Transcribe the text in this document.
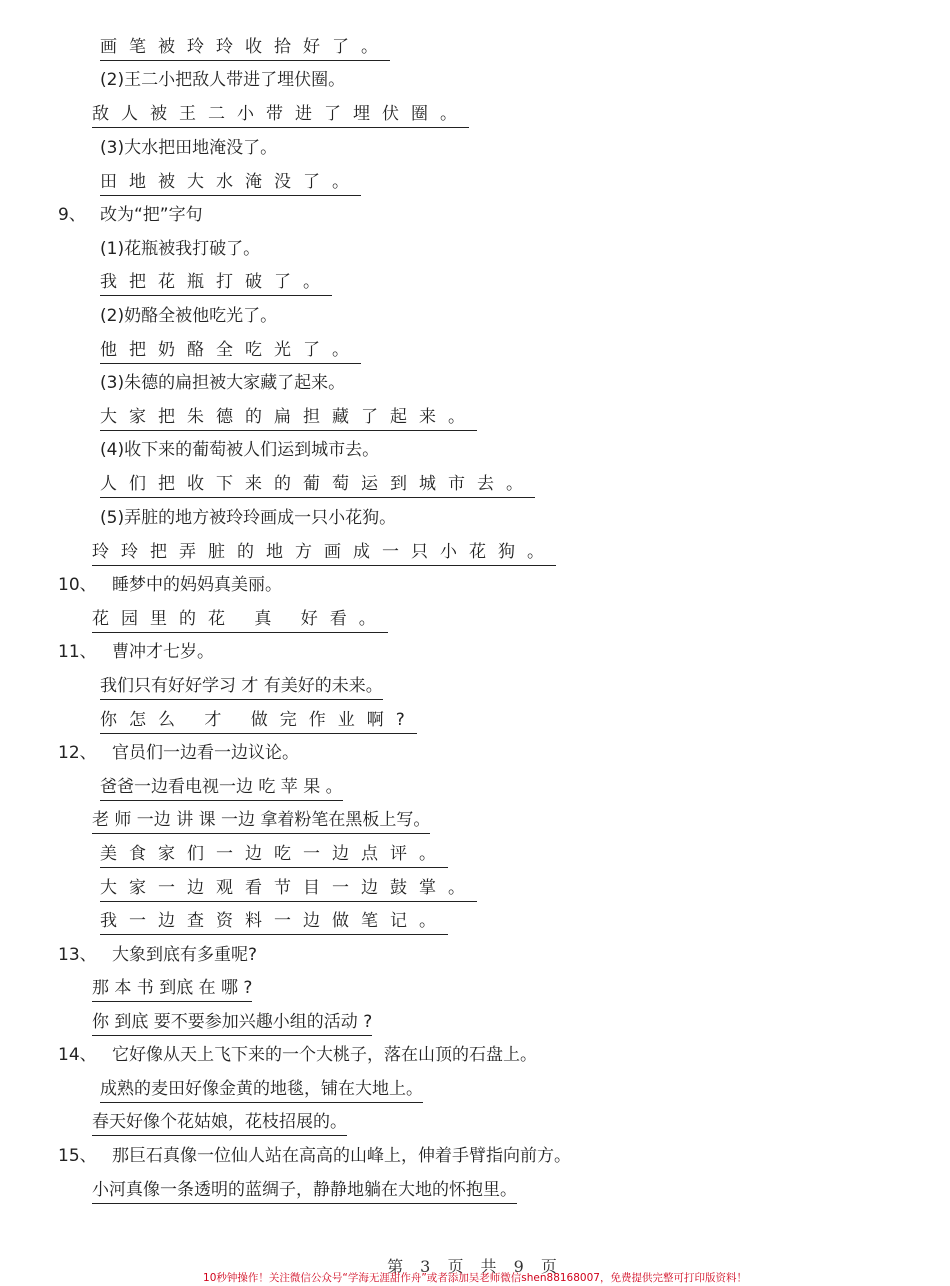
画笔被玲玲收拾好了。
(2)王二小把敌人带进了埋伏圈。
敌人被王二小带进了埋伏圈。
(3)大水把田地淹没了。
田地被大水淹没了。
9、 改为“把”字句
(1)花瓶被我打破了。
我把花瓶打破了。
(2)奶酪全被他吃光了。
他把奶酪全吃光了。
(3)朱德的扁担被大家藏了起来。
大家把朱德的扁担藏了起来。
(4)收下来的葡萄被人们运到城市去。
人们把收下来的葡萄运到城市去。
(5)弄脏的地方被玲玲画成一只小花狗。
玲玲把弄脏的地方画成一只小花狗。
10、 睡梦中的妈妈真美丽。
花园里的花 真 好看。
11、 曹冲才七岁。
我们只有好好学习 才 有美好的未来。
你怎么 才 做完作业啊?
12、 官员们一边看一边议论。
爸爸一边看电视一边 吃 苹 果 。
老 师 一边 讲 课 一边 拿着粉笔在黑板上写。
美食家们一边吃一边点评。
大家一边观看节目一边鼓掌。
我一边查资料一边做笔记。
13、 大象到底有多重呢?
那 本 书 到底 在 哪 ?
你 到底 要不要参加兴趣小组的活动 ?
14、 它好像从天上飞下来的一个大桃子，落在山顶的石盘上。
成熟的麦田好像金黄的地毯，铺在大地上。
春天好像个花姑娘，花枝招展的。
15、 那巨石真像一位仙人站在高高的山峰上，伸着手臂指向前方。
小河真像一条透明的蓝绸子，静静地躺在大地的怀抱里。
第 3 页 共 9 页
10秒钟操作！关注微信公众号“学海无涯甜作舟”或者添加吴老师微信shen88168007，免费提供完整可打印版资料！
